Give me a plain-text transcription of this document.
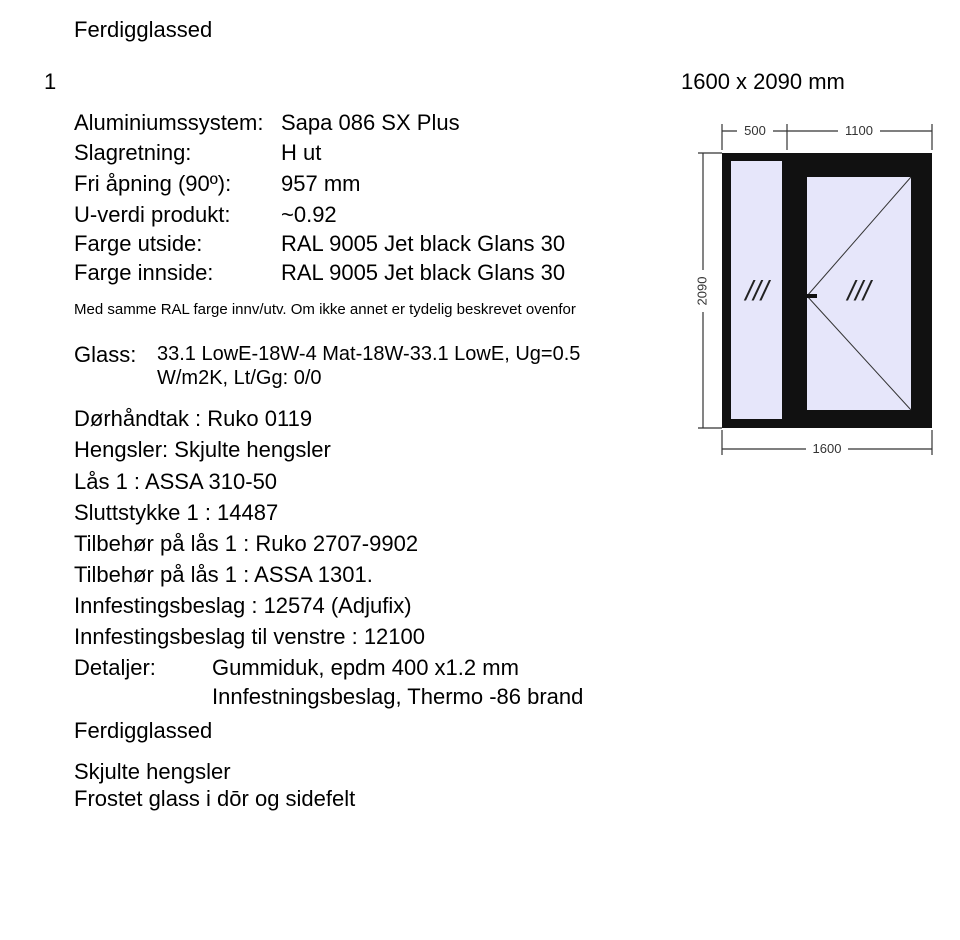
Ferdigglassed
1	1600 x 2090 mm
Aluminiumssystem: Sapa 086 SX Plus
Slagretning:	H ut
Fri åpning (90º): 957 mm
U-verdi produkt: ~0.92
Farge utside:	RAL 9005 Jet black Glans 30
Farge innside:	RAL 9005 Jet black Glans 30
Med samme RAL farge innv/utv. Om ikke annet er tydelig beskrevet ovenfor
Glass: 33.1 LowE-18W-4 Mat-18W-33.1 LowE, Ug=0.5
W/m2K, Lt/Gg: 0/0
Dørhåndtak : Ruko 0119
Hengsler: Skjulte hengsler
Lås 1 : ASSA 310-50
Sluttstykke 1 : 14487
Tilbehør på lås 1 : Ruko 2707-9902
Tilbehør på lås 1 : ASSA 1301.
Innfestingsbeslag : 12574 (Adjufix)
Innfestingsbeslag til venstre : 12100
Detaljer:	Gummiduk, epdm 400 x1.2 mm
Innfestningsbeslag, Thermo -86 brand
Ferdigglassed
Skjulte hengsler
Frostet glass i dōr og sidefelt
500	1100
2090
1600
///	///
